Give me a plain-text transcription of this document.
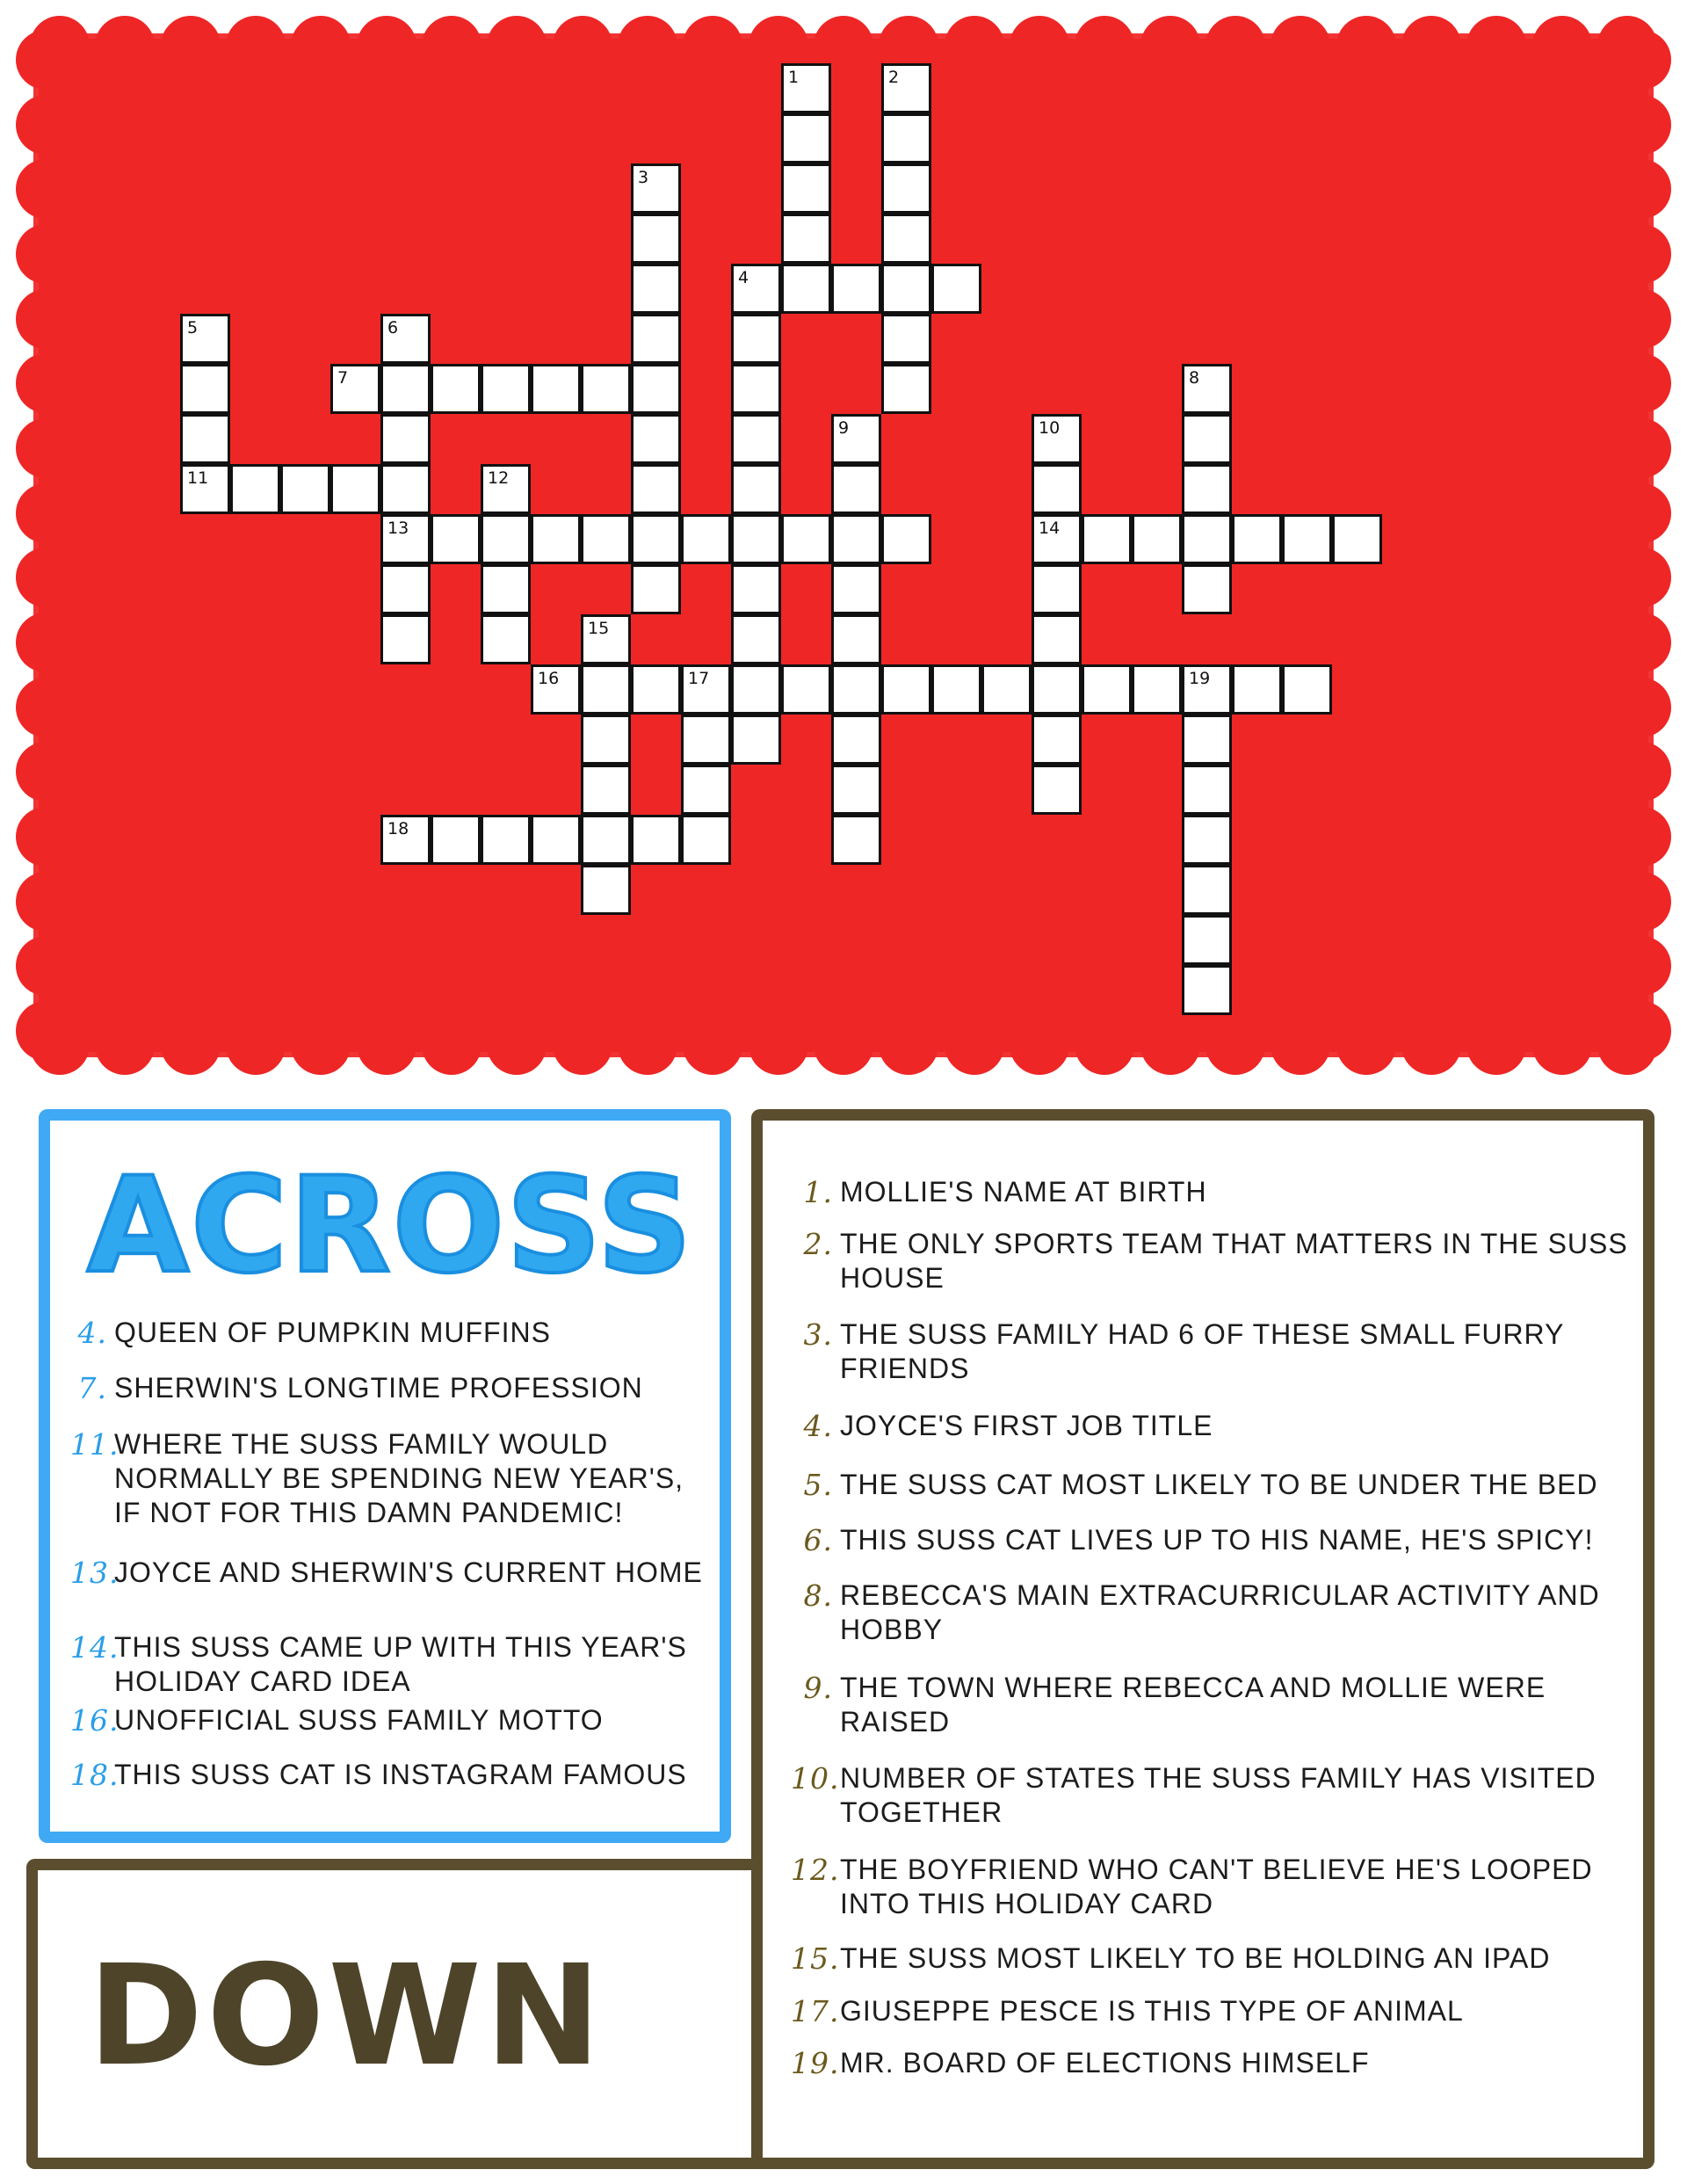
1	2
3
4
5
11
6
13
7	8
9	10
14
12
15
16	17	19
18
ACROSS
4. QUEEN OF PUMPKIN MUFFINS
7. SHERWIN'S LONGTIME PROFESSION
11.
WHERE THE SUSS FAMILY WOULD NORMALLY BE SPENDING NEW YEAR'S, IF NOT FOR THIS DAMN PANDEMIC!
13.
JOYCE AND SHERWIN'S CURRENT HOME
14.
THIS SUSS CAME UP WITH THIS YEAR'S HOLIDAY CARD IDEA
16.
UNOFFICIAL SUSS FAMILY MOTTO
18.
THIS SUSS CAT IS INSTAGRAM FAMOUS
DOWN
1. MOLLIE'S NAME AT BIRTH
2. THE ONLY SPORTS TEAM THAT MATTERS IN THE SUSS HOUSE
3. THE SUSS FAMILY HAD 6 OF THESE SMALL FURRY FRIENDS
4. JOYCE'S FIRST JOB TITLE
5. THE SUSS CAT MOST LIKELY TO BE UNDER THE BED
6. THIS SUSS CAT LIVES UP TO HIS NAME, HE'S SPICY!
8. REBECCA'S MAIN EXTRACURRICULAR ACTIVITY AND HOBBY
9. THE TOWN WHERE REBECCA AND MOLLIE WERE RAISED
10. NUMBER OF STATES THE SUSS FAMILY HAS VISITED TOGETHER
12. THE BOYFRIEND WHO CAN'T BELIEVE HE'S LOOPED INTO THIS HOLIDAY CARD
15. THE SUSS MOST LIKELY TO BE HOLDING AN IPAD
17. GIUSEPPE PESCE IS THIS TYPE OF ANIMAL
19. MR. BOARD OF ELECTIONS HIMSELF
